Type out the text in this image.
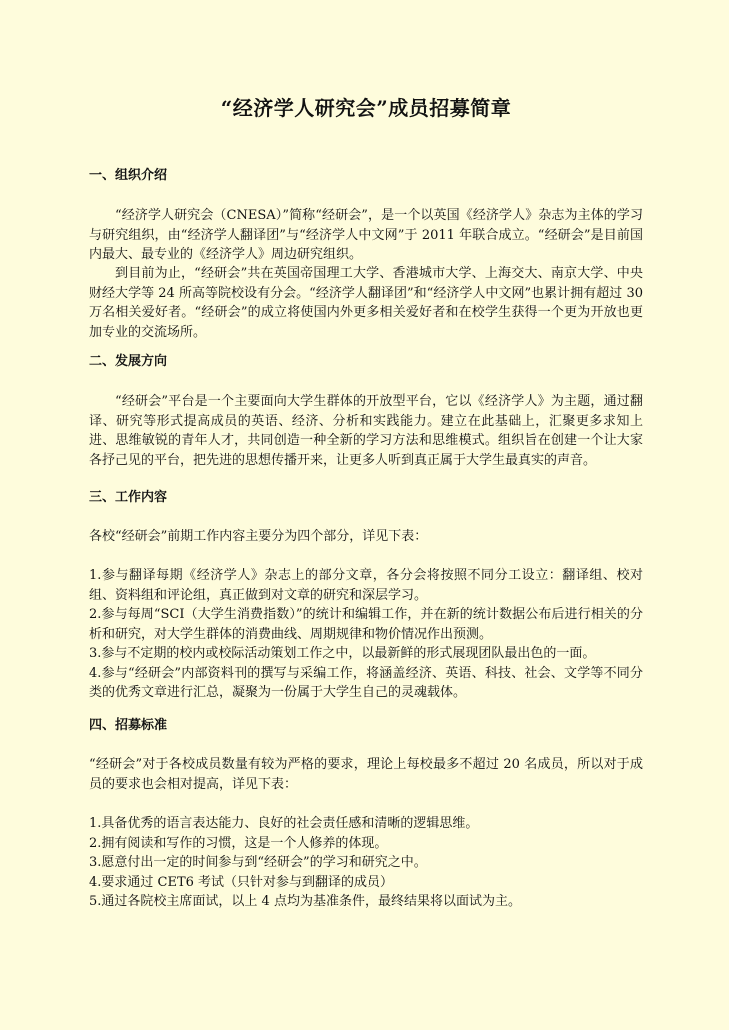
“经济学人研究会”成员招募简章
一、组织介绍
“经济学人研究会（CNESA）”简称“经研会”，是一个以英国《经济学人》杂志为主体的学习与研究组织，由“经济学人翻译团”与“经济学人中文网”于 2011 年联合成立。“经研会”是目前国内最大、最专业的《经济学人》周边研究组织。
到目前为止，“经研会”共在英国帝国理工大学、香港城市大学、上海交大、南京大学、中央财经大学等 24 所高等院校设有分会。“经济学人翻译团”和“经济学人中文网”也累计拥有超过 30 万名相关爱好者。“经研会”的成立将使国内外更多相关爱好者和在校学生获得一个更为开放也更加专业的交流场所。
二、发展方向
“经研会”平台是一个主要面向大学生群体的开放型平台，它以《经济学人》为主题，通过翻译、研究等形式提高成员的英语、经济、分析和实践能力。建立在此基础上，汇聚更多求知上进、思维敏锐的青年人才，共同创造一种全新的学习方法和思维模式。组织旨在创建一个让大家各抒己见的平台，把先进的思想传播开来，让更多人听到真正属于大学生最真实的声音。
三、工作内容
各校“经研会”前期工作内容主要分为四个部分，详见下表：
1.参与翻译每期《经济学人》杂志上的部分文章，各分会将按照不同分工设立：翻译组、校对组、资料组和评论组，真正做到对文章的研究和深层学习。
2.参与每周“SCI（大学生消费指数）”的统计和编辑工作，并在新的统计数据公布后进行相关的分析和研究，对大学生群体的消费曲线、周期规律和物价情况作出预测。
3.参与不定期的校内或校际活动策划工作之中，以最新鲜的形式展现团队最出色的一面。
4.参与“经研会”内部资料刊的撰写与采编工作，将涵盖经济、英语、科技、社会、文学等不同分类的优秀文章进行汇总，凝聚为一份属于大学生自己的灵魂载体。
四、招募标准
“经研会”对于各校成员数量有较为严格的要求，理论上每校最多不超过 20 名成员，所以对于成员的要求也会相对提高，详见下表：
1.具备优秀的语言表达能力、良好的社会责任感和清晰的逻辑思维。
2.拥有阅读和写作的习惯，这是一个人修养的体现。
3.愿意付出一定的时间参与到“经研会”的学习和研究之中。
4.要求通过 CET6 考试（只针对参与到翻译的成员）
5.通过各院校主席面试，以上 4 点均为基准条件，最终结果将以面试为主。
